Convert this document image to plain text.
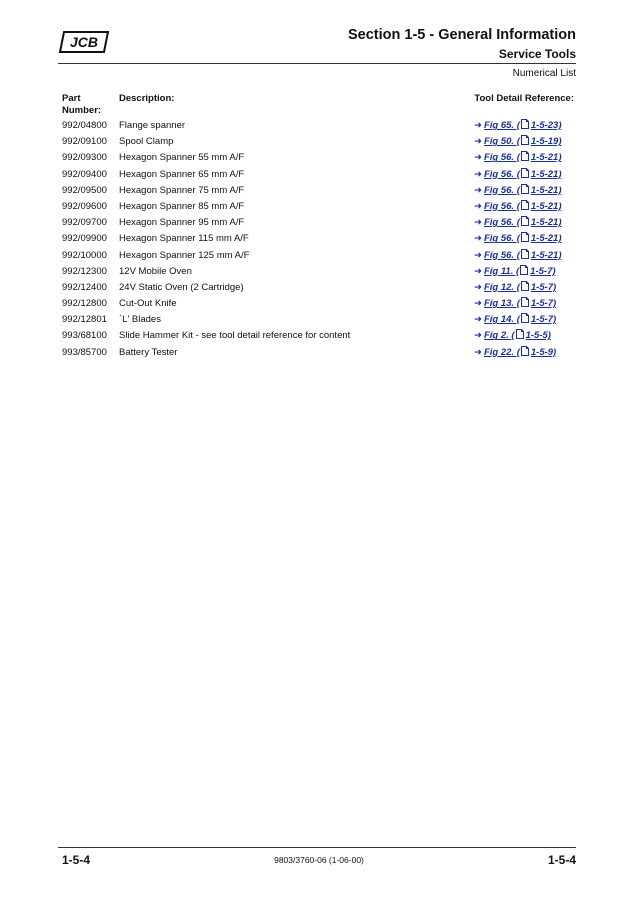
JCB	Section 1-5 - General Information
Service Tools
Numerical List
Part Number:
Description:	Tool Detail Reference:
992/04800 Flange spanner	➜ Fig 65. ( 1-5-23)
992/09100 Spool Clamp	➜ Fig 50. ( 1-5-19)
992/09300 Hexagon Spanner 55 mm A/F	➜ Fig 56. ( 1-5-21)
992/09400 Hexagon Spanner 65 mm A/F	➜ Fig 56. ( 1-5-21)
992/09500 Hexagon Spanner 75 mm A/F	➜ Fig 56. ( 1-5-21)
992/09600 Hexagon Spanner 85 mm A/F	➜ Fig 56. ( 1-5-21)
992/09700 Hexagon Spanner 95 mm A/F	➜ Fig 56. ( 1-5-21)
992/09900 Hexagon Spanner 115 mm A/F	➜ Fig 56. ( 1-5-21)
992/10000 Hexagon Spanner 125 mm A/F	➜ Fig 56. ( 1-5-21)
992/12300 12V Mobile Oven	➜ Fig 11. ( 1-5-7)
992/12400 24V Static Oven (2 Cartridge)	➜ Fig 12. ( 1-5-7)
992/12800 Cut-Out Knife	➜ Fig 13. ( 1-5-7)
992/12801 `L' Blades	➜ Fig 14. ( 1-5-7)
993/68100 Slide Hammer Kit - see tool detail reference for content	➜ Fig 2. ( 1-5-5)
993/85700 Battery Tester	➜ Fig 22. ( 1-5-9)
1-5-4	9803/3760-06 (1-06-00)	1-5-4
